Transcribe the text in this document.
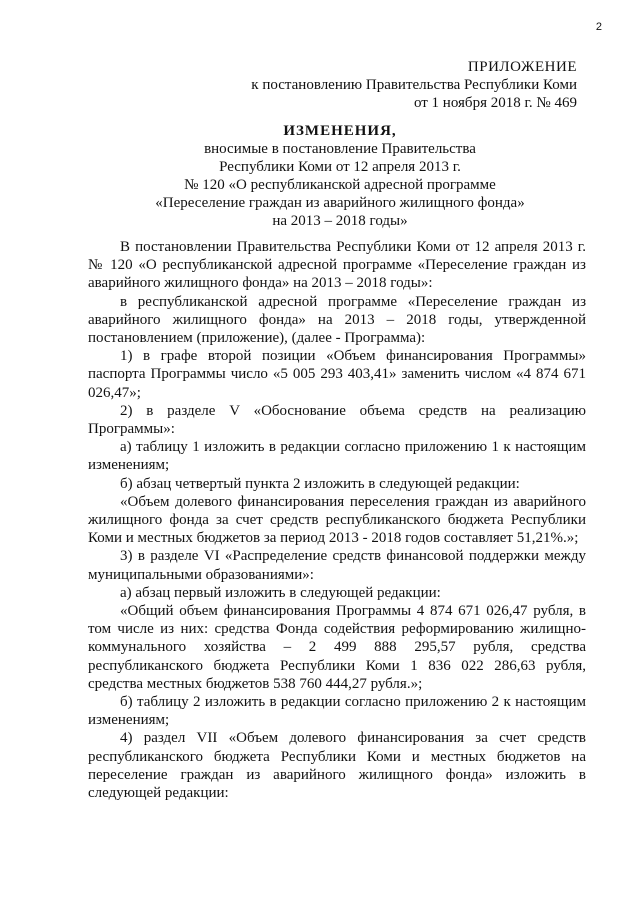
2
ПРИЛОЖЕНИЕ
к постановлению Правительства Республики Коми
от 1 ноября 2018 г. № 469
ИЗМЕНЕНИЯ,
вносимые в постановление Правительства
Республики Коми от 12 апреля 2013 г.
№ 120 «О республиканской адресной программе
«Переселение граждан из аварийного жилищного фонда»
на 2013 – 2018 годы»

В постановлении Правительства Республики Коми от 12 апреля 2013 г. № 120 «О республиканской адресной программе «Переселение граждан из аварийного жилищного фонда» на 2013 – 2018 годы»:

в республиканской адресной программе «Переселение граждан из аварийного жилищного фонда» на 2013 – 2018 годы, утвержденной постановлением (приложение), (далее - Программа):

1) в графе второй позиции «Объем финансирования Программы» паспорта Программы число «5 005 293 403,41» заменить числом «4 874 671 026,47»;

2) в разделе V «Обоснование объема средств на реализацию Программы»:

а) таблицу 1 изложить в редакции согласно приложению 1 к настоящим изменениям;

б) абзац четвертый пункта 2 изложить в следующей редакции:

«Объем долевого финансирования переселения граждан из аварийного жилищного фонда за счет средств республиканского бюджета Республики Коми и местных бюджетов за период 2013 - 2018 годов составляет 51,21%.»;

3) в разделе VI «Распределение средств финансовой поддержки между муниципальными образованиями»:

а) абзац первый изложить в следующей редакции:

«Общий объем финансирования Программы 4 874 671 026,47 рубля, в том числе из них: средства Фонда содействия реформированию жилищно-коммунального хозяйства – 2 499 888 295,57 рубля, средства республиканского бюджета Республики Коми 1 836 022 286,63 рубля, средства местных бюджетов 538 760 444,27 рубля.»;

б) таблицу 2 изложить в редакции согласно приложению 2 к настоящим изменениям;

4) раздел VII «Объем долевого финансирования за счет средств республиканского бюджета Республики Коми и местных бюджетов на переселение граждан из аварийного жилищного фонда» изложить в следующей редакции:
